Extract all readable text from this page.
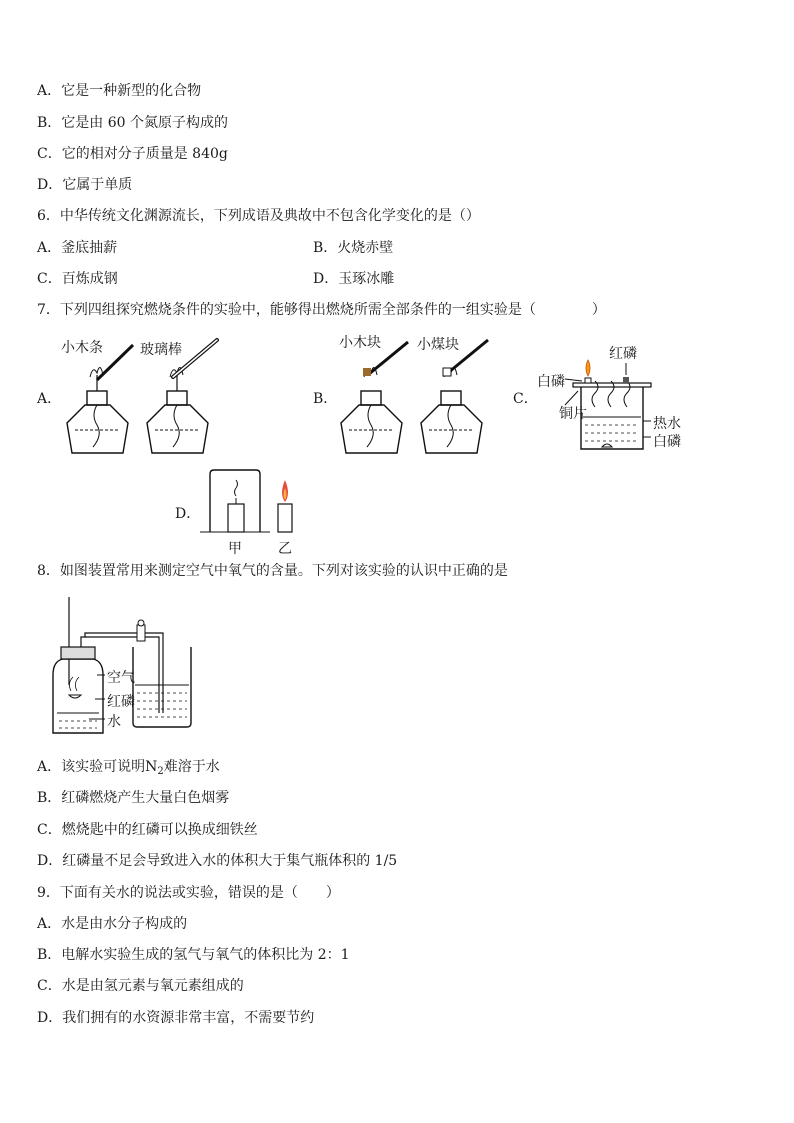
A．它是一种新型的化合物
B．它是由 60 个氮原子构成的
C．它的相对分子质量是 840g
D．它属于单质
6．中华传统文化渊源流长，下列成语及典故中不包含化学变化的是（）
A．釜底抽薪	B．火烧赤壁
C．百炼成钢	D．玉琢冰雕
7．下列四组探究燃烧条件的实验中，能够得出燃烧所需全部条件的一组实验是（　　　　）
A．
小木条	玻璃棒
B．
小木块	小煤块
C．
红磷
白磷
铜片
热水
白磷
D．
甲	乙
8．如图装置常用来测定空气中氧气的含量。下列对该实验的认识中正确的是
空气
红磷
水
A．该实验可说明$N_2$难溶于水
B．红磷燃烧产生大量白色烟雾
C．燃烧匙中的红磷可以换成细铁丝
D．红磷量不足会导致进入水的体积大于集气瓶体积的 1/5
9．下面有关水的说法或实验，错误的是（　　）
A．水是由水分子构成的
B．电解水实验生成的氢气与氧气的体积比为 2：1
C．水是由氢元素与氧元素组成的
D．我们拥有的水资源非常丰富，不需要节约
